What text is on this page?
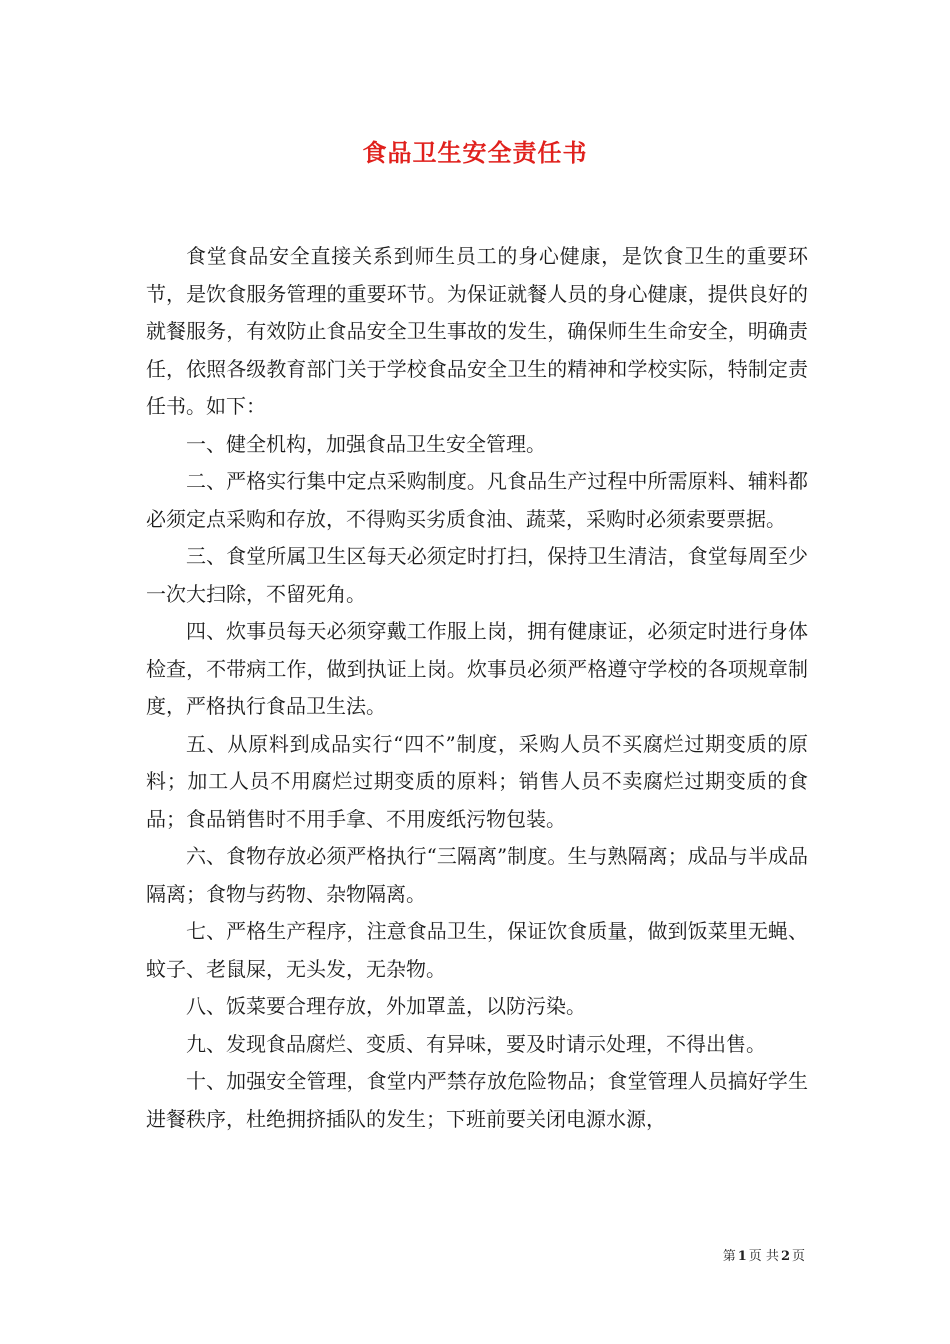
食品卫生安全责任书

食堂食品安全直接关系到师生员工的身心健康，是饮食卫生的重要环节，是饮食服务管理的重要环节。为保证就餐人员的身心健康，提供良好的就餐服务，有效防止食品安全卫生事故的发生，确保师生生命安全，明确责任，依照各级教育部门关于学校食品安全卫生的精神和学校实际，特制定责任书。如下：

一、健全机构，加强食品卫生安全管理。

二、严格实行集中定点采购制度。凡食品生产过程中所需原料、辅料都必须定点采购和存放，不得购买劣质食油、蔬菜，采购时必须索要票据。

三、食堂所属卫生区每天必须定时打扫，保持卫生清洁，食堂每周至少一次大扫除，不留死角。

四、炊事员每天必须穿戴工作服上岗，拥有健康证，必须定时进行身体检查，不带病工作，做到执证上岗。炊事员必须严格遵守学校的各项规章制度，严格执行食品卫生法。

五、从原料到成品实行“四不”制度，采购人员不买腐烂过期变质的原料；加工人员不用腐烂过期变质的原料；销售人员不卖腐烂过期变质的食品；食品销售时不用手拿、不用废纸污物包装。

六、食物存放必须严格执行“三隔离”制度。生与熟隔离；成品与半成品隔离；食物与药物、杂物隔离。

七、严格生产程序，注意食品卫生，保证饮食质量，做到饭菜里无蝇、蚊子、老鼠屎，无头发，无杂物。

八、饭菜要合理存放，外加罩盖，以防污染。

九、发现食品腐烂、变质、有异味，要及时请示处理，不得出售。

十、加强安全管理，食堂内严禁存放危险物品；食堂管理人员搞好学生进餐秩序，杜绝拥挤插队的发生；下班前要关闭电源水源，

第 1 页 共 2 页
